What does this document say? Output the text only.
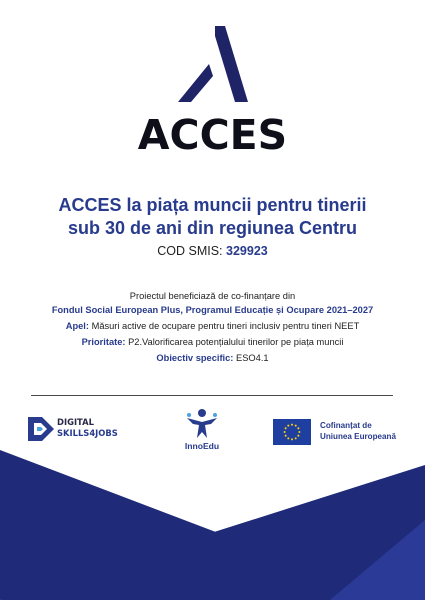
ACCES
ACCES la piața muncii pentru tinerii
sub 30 de ani din regiunea Centru
COD SMIS: 329923
Proiectul beneficiază de co-finanțare din
Fondul Social European Plus, Programul Educație și Ocupare 2021–2027
Apel: Măsuri active de ocupare pentru tineri inclusiv pentru tineri NEET
Prioritate: P2.Valorificarea potențialului tinerilor pe piața muncii
Obiectiv specific: ESO4.1
DIGITAL
SKILLS4JOBS
InnoEdu
Cofinanțat de
Uniunea Europeană
